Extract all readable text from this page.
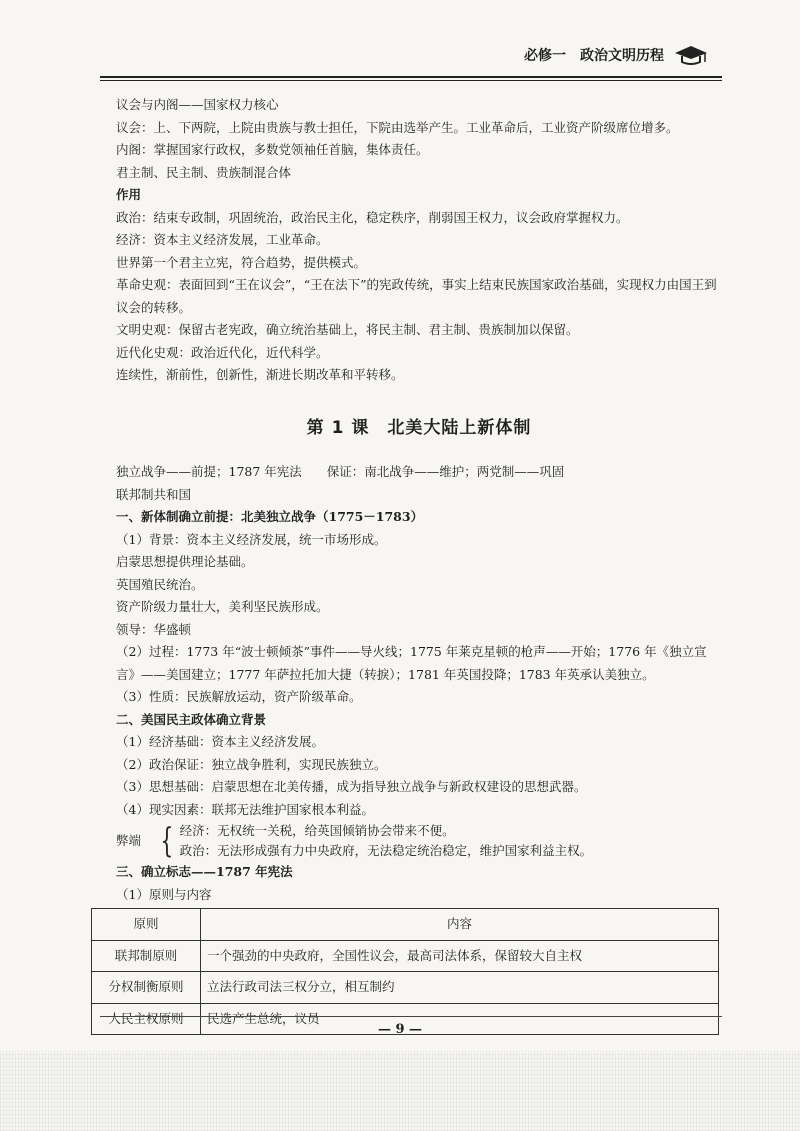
必修一　政治文明历程
议会与内阁——国家权力核心
议会：上、下两院，上院由贵族与教士担任，下院由选举产生。工业革命后，工业资产阶级席位增多。
内阁：掌握国家行政权，多数党领袖任首脑，集体责任。
君主制、民主制、贵族制混合体
作用
政治：结束专政制，巩固统治，政治民主化，稳定秩序，削弱国王权力，议会政府掌握权力。
经济：资本主义经济发展，工业革命。
世界第一个君主立宪，符合趋势，提供模式。
革命史观：表面回到“王在议会”，“王在法下”的宪政传统，事实上结束民族国家政治基础，实现权力由国王到议会的转移。
文明史观：保留古老宪政，确立统治基础上，将民主制、君主制、贵族制加以保留。
近代化史观：政治近代化，近代科学。
连续性，渐前性，创新性，渐进长期改革和平转移。
第 1 课　北美大陆上新体制
独立战争——前提；1787 年宪法　　保证：南北战争——维护；两党制——巩固
联邦制共和国
一、新体制确立前提：北美独立战争（1775－1783）
（1）背景：资本主义经济发展，统一市场形成。
启蒙思想提供理论基础。
英国殖民统治。
资产阶级力量壮大，美利坚民族形成。
领导：华盛顿
（2）过程：1773 年“波士顿倾茶”事件——导火线；1775 年莱克星顿的枪声——开始；1776 年《独立宣言》——美国建立；1777 年萨拉托加大捷（转捩）；1781 年英国投降；1783 年英承认美独立。
（3）性质：民族解放运动，资产阶级革命。
二、美国民主政体确立背景
（1）经济基础：资本主义经济发展。
（2）政治保证：独立战争胜利，实现民族独立。
（3）思想基础：启蒙思想在北美传播，成为指导独立战争与新政权建设的思想武器。
（4）现实因素：联邦无法维护国家根本利益。
弊端 { 经济：无权统一关税，给英国倾销协会带来不便。
政治：无法形成强有力中央政府，无法稳定统治稳定，维护国家利益主权。
三、确立标志——1787 年宪法
（1）原则与内容
原则	内容
联邦制原则	一个强劲的中央政府，全国性议会，最高司法体系，保留较大自主权
分权制衡原则	立法行政司法三权分立，相互制约
人民主权原则	民选产生总统，议员
— 9 —
